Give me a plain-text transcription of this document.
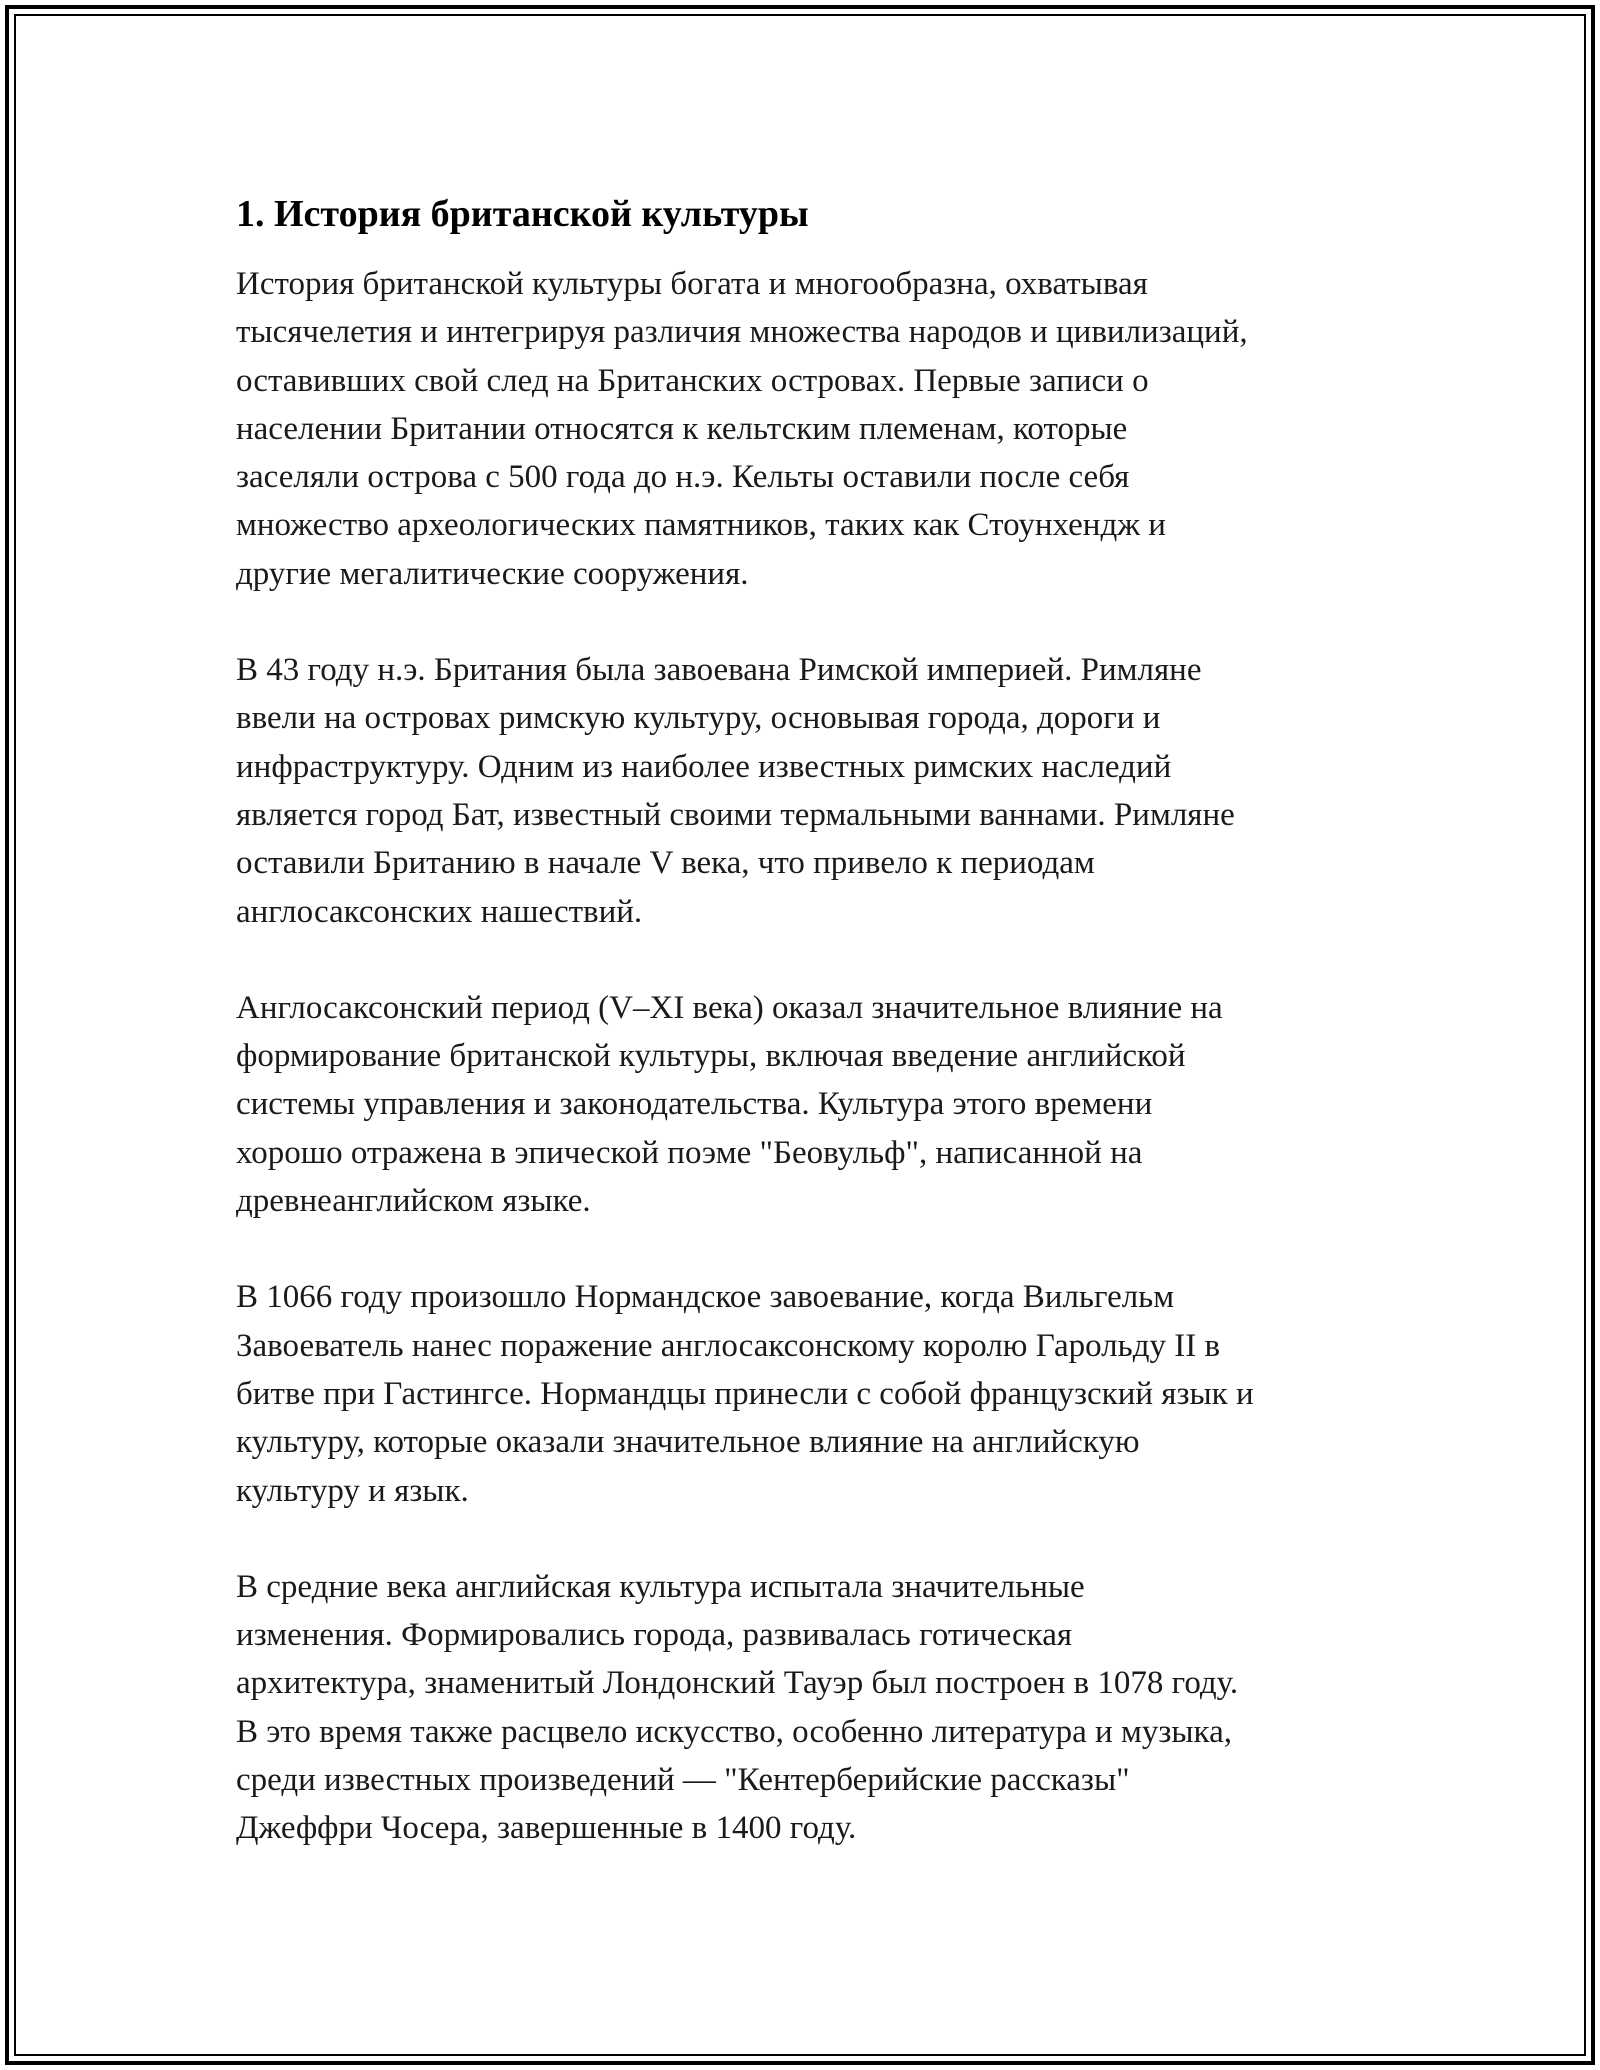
1. История британской культуры

История британской культуры богата и многообразна, охватывая
тысячелетия и интегрируя различия множества народов и цивилизаций,
оставивших свой след на Британских островах. Первые записи о
населении Британии относятся к кельтским племенам, которые
заселяли острова с 500 года до н.э. Кельты оставили после себя
множество археологических памятников, таких как Стоунхендж и
другие мегалитические сооружения.

В 43 году н.э. Британия была завоевана Римской империей. Римляне
ввели на островах римскую культуру, основывая города, дороги и
инфраструктуру. Одним из наиболее известных римских наследий
является город Бат, известный своими термальными ваннами. Римляне
оставили Британию в начале V века, что привело к периодам
англосаксонских нашествий.

Англосаксонский период (V–XI века) оказал значительное влияние на
формирование британской культуры, включая введение английской
системы управления и законодательства. Культура этого времени
хорошо отражена в эпической поэме "Беовульф", написанной на
древнеанглийском языке.

В 1066 году произошло Нормандское завоевание, когда Вильгельм
Завоеватель нанес поражение англосаксонскому королю Гарольду II в
битве при Гастингсе. Нормандцы принесли с собой французский язык и
культуру, которые оказали значительное влияние на английскую
культуру и язык.

В средние века английская культура испытала значительные
изменения. Формировались города, развивалась готическая
архитектура, знаменитый Лондонский Тауэр был построен в 1078 году.
В это время также расцвело искусство, особенно литература и музыка,
среди известных произведений — "Кентерберийские рассказы"
Джеффри Чосера, завершенные в 1400 году.
